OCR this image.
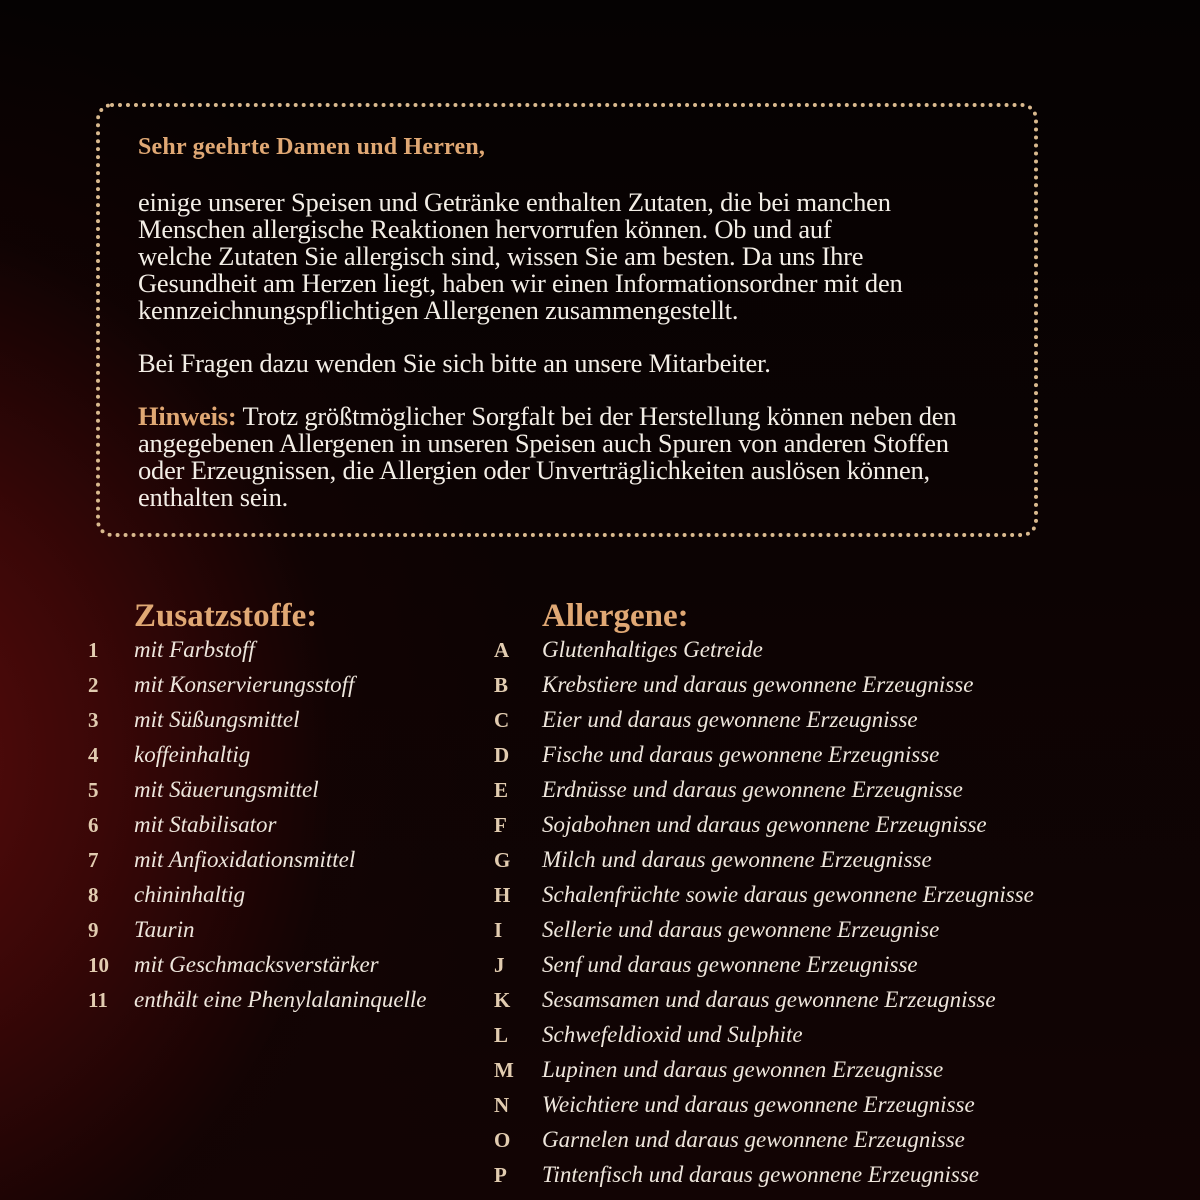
Sehr geehrte Damen und Herren,

einige unserer Speisen und Getränke enthalten Zutaten, die bei manchen
Menschen allergische Reaktionen hervorrufen können. Ob und auf
welche Zutaten Sie allergisch sind, wissen Sie am besten. Da uns Ihre
Gesundheit am Herzen liegt, haben wir einen Informationsordner mit den
kennzeichnungspflichtigen Allergenen zusammengestellt.

Bei Fragen dazu wenden Sie sich bitte an unsere Mitarbeiter.

Hinweis: Trotz größtmöglicher Sorgfalt bei der Herstellung können neben den
angegebenen Allergenen in unseren Speisen auch Spuren von anderen Stoffen
oder Erzeugnissen, die Allergien oder Unverträglichkeiten auslösen können,
enthalten sein.

Zusatzstoffe:	Allergene:
1 mit Farbstoff
2 mit Konservierungsstoff
3 mit Süßungsmittel
4 koffeinhaltig
5 mit Säuerungsmittel
6 mit Stabilisator
7 mit Anfioxidationsmittel
8 chininhaltig
9 Taurin
10 mit Geschmacksverstärker
11 enthält eine Phenylalaninquelle
A Glutenhaltiges Getreide
B Krebstiere und daraus gewonnene Erzeugnisse
C Eier und daraus gewonnene Erzeugnisse
D Fische und daraus gewonnene Erzeugnisse
E Erdnüsse und daraus gewonnene Erzeugnisse
F Sojabohnen und daraus gewonnene Erzeugnisse
G Milch und daraus gewonnene Erzeugnisse
H Schalenfrüchte sowie daraus gewonnene Erzeugnisse
I Sellerie und daraus gewonnene Erzeugnise
J Senf und daraus gewonnene Erzeugnisse
K Sesamsamen und daraus gewonnene Erzeugnisse
L Schwefeldioxid und Sulphite
M Lupinen und daraus gewonnen Erzeugnisse
N Weichtiere und daraus gewonnene Erzeugnisse
O Garnelen und daraus gewonnene Erzeugnisse
P Tintenfisch und daraus gewonnene Erzeugnisse
